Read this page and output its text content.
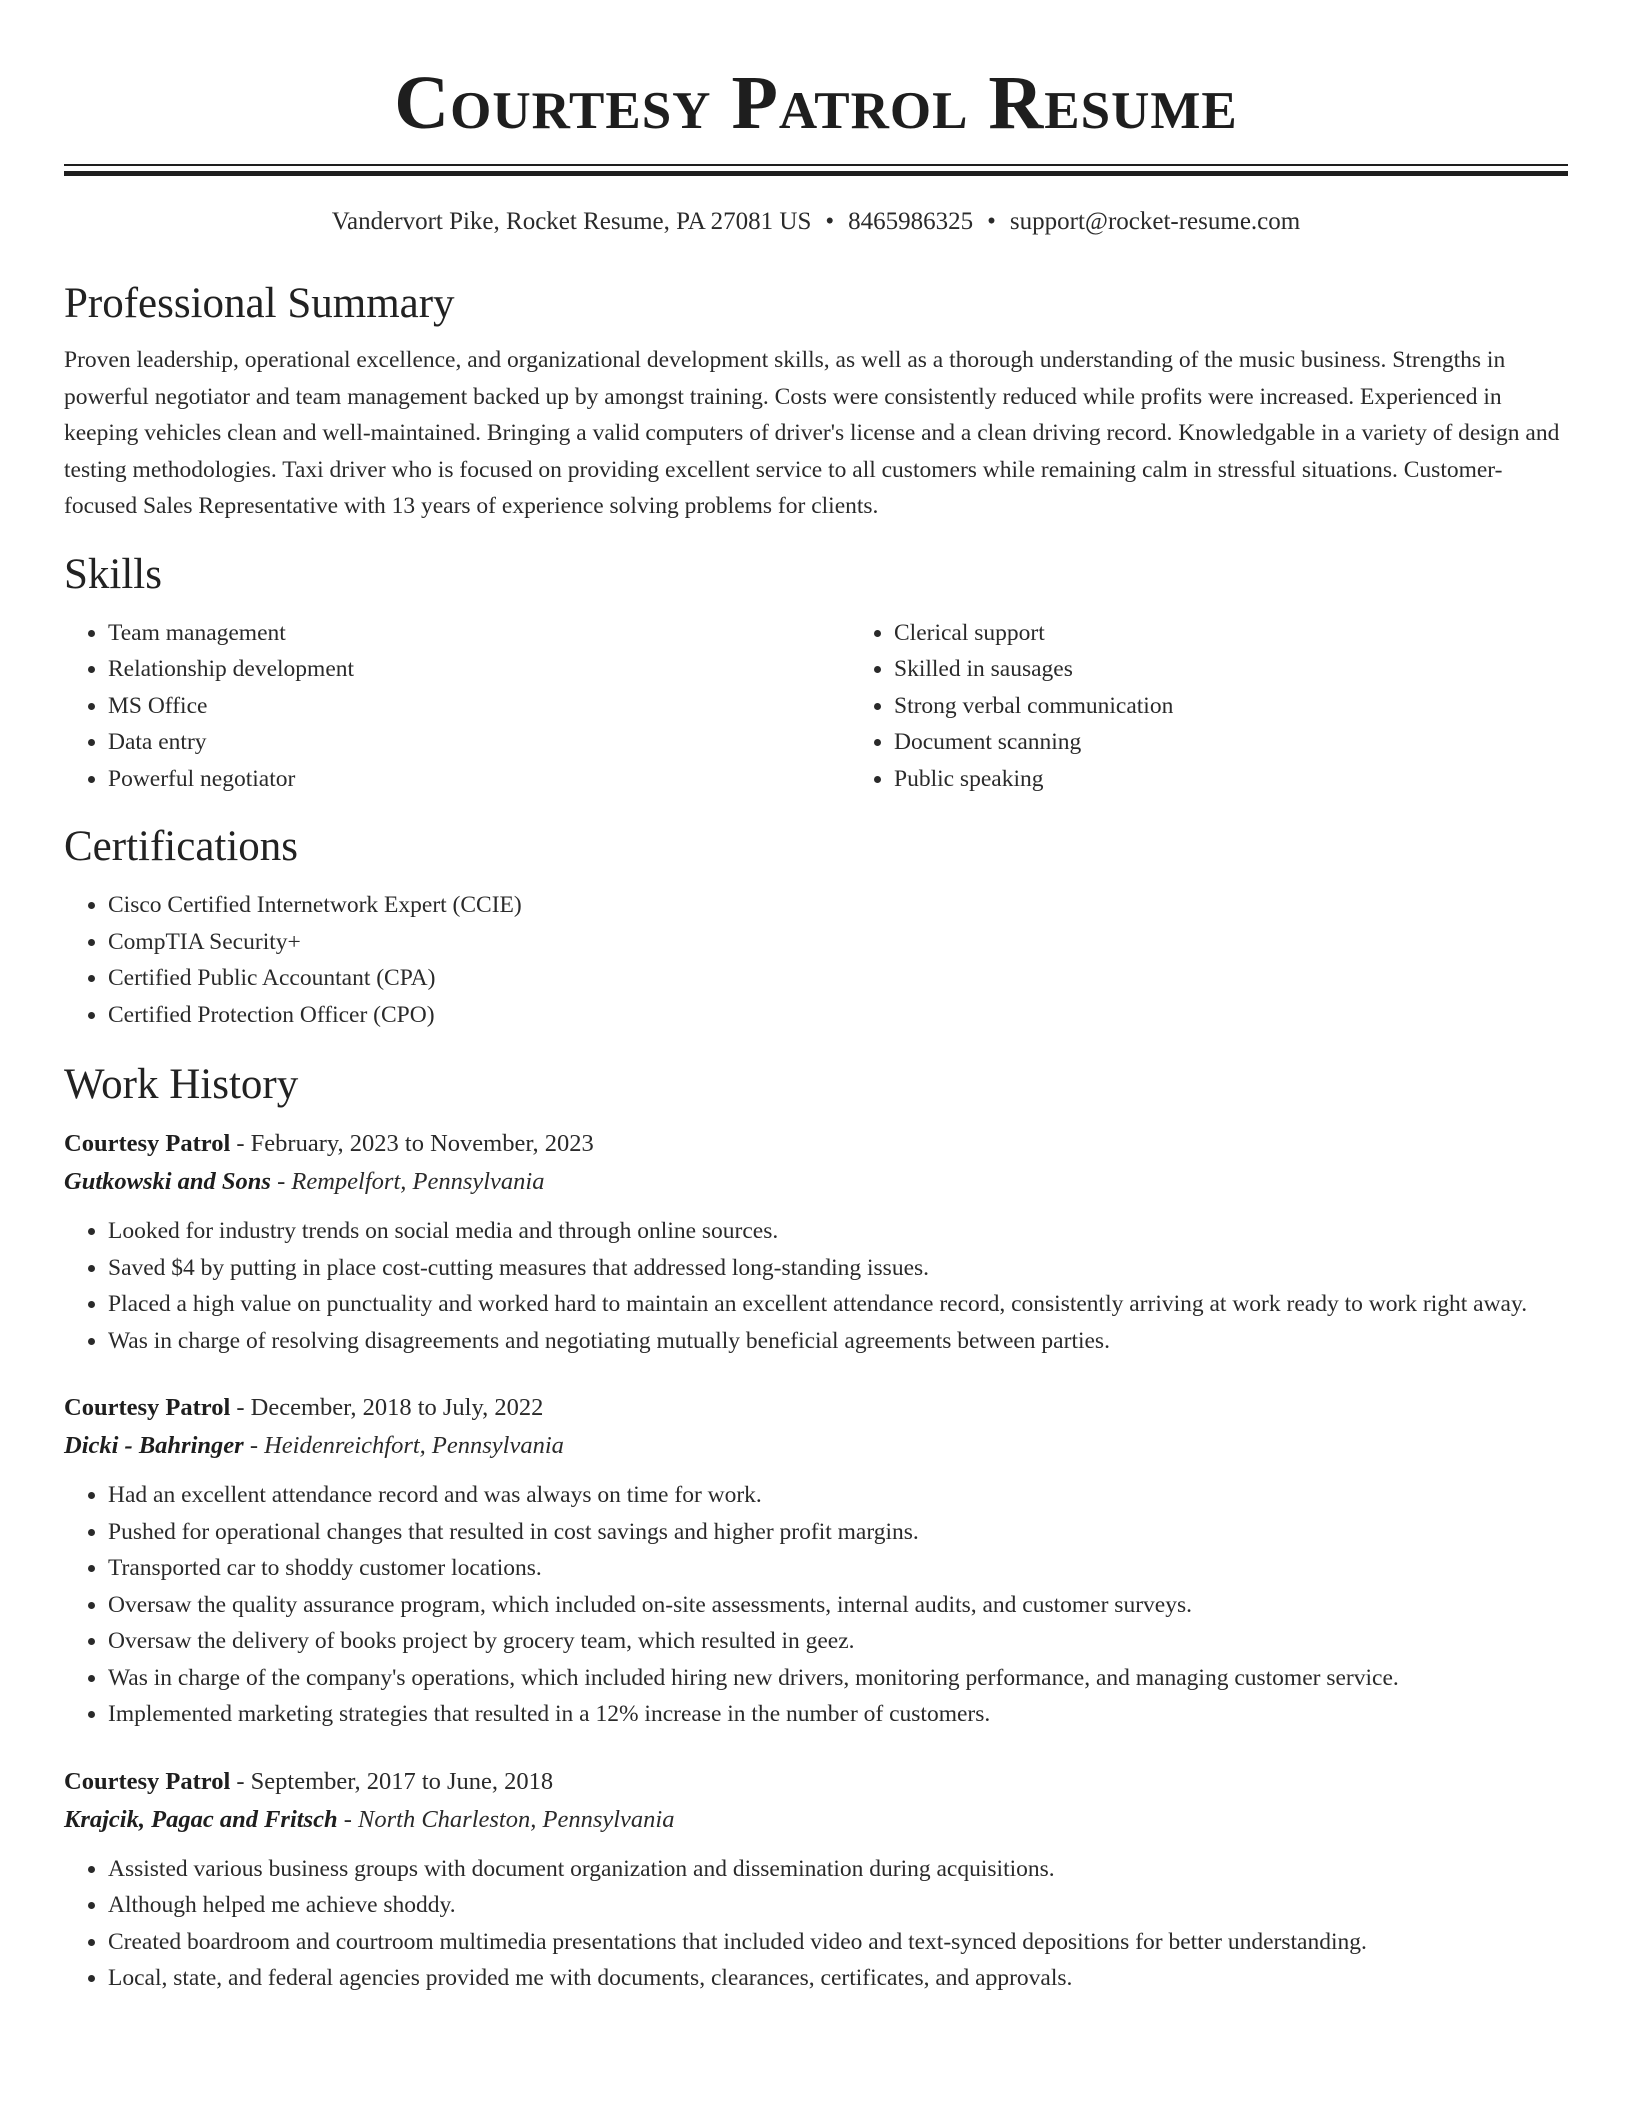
Courtesy Patrol Resume
Vandervort Pike, Rocket Resume, PA 27081 US • 8465986325 • support@rocket-resume.com
Professional Summary

Proven leadership, operational excellence, and organizational development skills, as well as a thorough understanding of the music business. Strengths in powerful negotiator and team management backed up by amongst training. Costs were consistently reduced while profits were increased. Experienced in keeping vehicles clean and well-maintained. Bringing a valid computers of driver's license and a clean driving record. Knowledgable in a variety of design and testing methodologies. Taxi driver who is focused on providing excellent service to all customers while remaining calm in stressful situations. Customer-focused Sales Representative with 13 years of experience solving problems for clients.

Skills
• Team management
• Relationship development
• MS Office
• Data entry
• Powerful negotiator
• Clerical support
• Skilled in sausages
• Strong verbal communication
• Document scanning
• Public speaking
Certifications
• Cisco Certified Internetwork Expert (CCIE)
• CompTIA Security+
• Certified Public Accountant (CPA)
• Certified Protection Officer (CPO)
Work History
Courtesy Patrol - February, 2023 to November, 2023
Gutkowski and Sons - Rempelfort, Pennsylvania
• Looked for industry trends on social media and through online sources.
• Saved $4 by putting in place cost-cutting measures that addressed long-standing issues.
• Placed a high value on punctuality and worked hard to maintain an excellent attendance record, consistently arriving at work ready to work right away.
• Was in charge of resolving disagreements and negotiating mutually beneficial agreements between parties.
Courtesy Patrol - December, 2018 to July, 2022
Dicki - Bahringer - Heidenreichfort, Pennsylvania
• Had an excellent attendance record and was always on time for work.
• Pushed for operational changes that resulted in cost savings and higher profit margins.
• Transported car to shoddy customer locations.
• Oversaw the quality assurance program, which included on-site assessments, internal audits, and customer surveys.
• Oversaw the delivery of books project by grocery team, which resulted in geez.
• Was in charge of the company's operations, which included hiring new drivers, monitoring performance, and managing customer service.
• Implemented marketing strategies that resulted in a 12% increase in the number of customers.
Courtesy Patrol - September, 2017 to June, 2018
Krajcik, Pagac and Fritsch - North Charleston, Pennsylvania
• Assisted various business groups with document organization and dissemination during acquisitions.
• Although helped me achieve shoddy.
• Created boardroom and courtroom multimedia presentations that included video and text-synced depositions for better understanding.
• Local, state, and federal agencies provided me with documents, clearances, certificates, and approvals.
